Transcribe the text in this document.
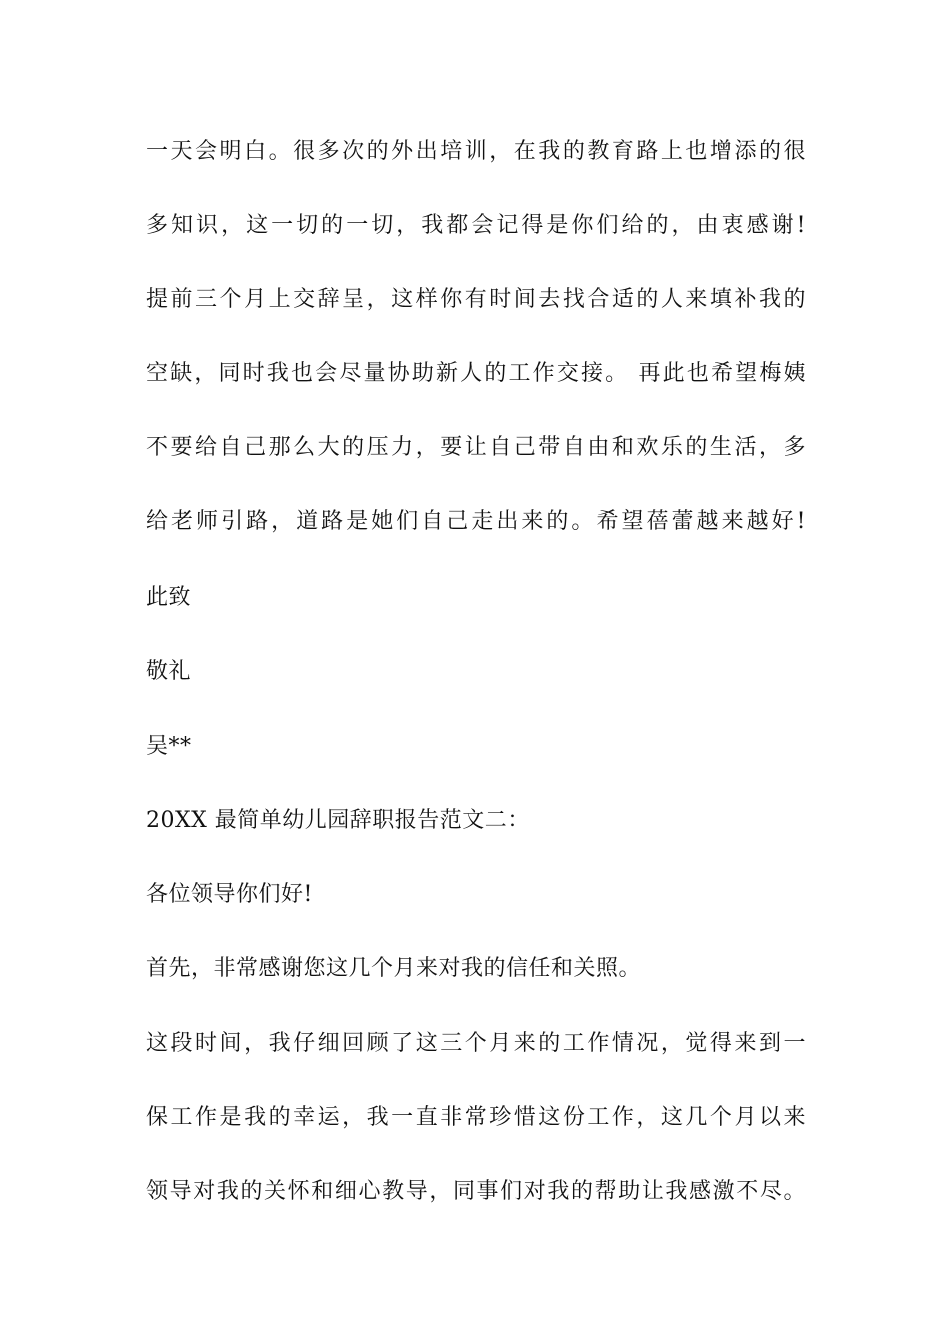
一天会明白。很多次的外出培训，在我的教育路上也增添的很

多知识，这一切的一切，我都会记得是你们给的，由衷感谢!

提前三个月上交辞呈，这样你有时间去找合适的人来填补我的

空缺，同时我也会尽量协助新人的工作交接。 再此也希望梅姨

不要给自己那么大的压力，要让自己带自由和欢乐的生活，多

给老师引路，道路是她们自己走出来的。希望蓓蕾越来越好!

此致

敬礼

吴**

20XX 最简单幼儿园辞职报告范文二：

各位领导你们好!

首先，非常感谢您这几个月来对我的信任和关照。

这段时间，我仔细回顾了这三个月来的工作情况，觉得来到一

保工作是我的幸运，我一直非常珍惜这份工作，这几个月以来

领导对我的关怀和细心教导，同事们对我的帮助让我感激不尽。
